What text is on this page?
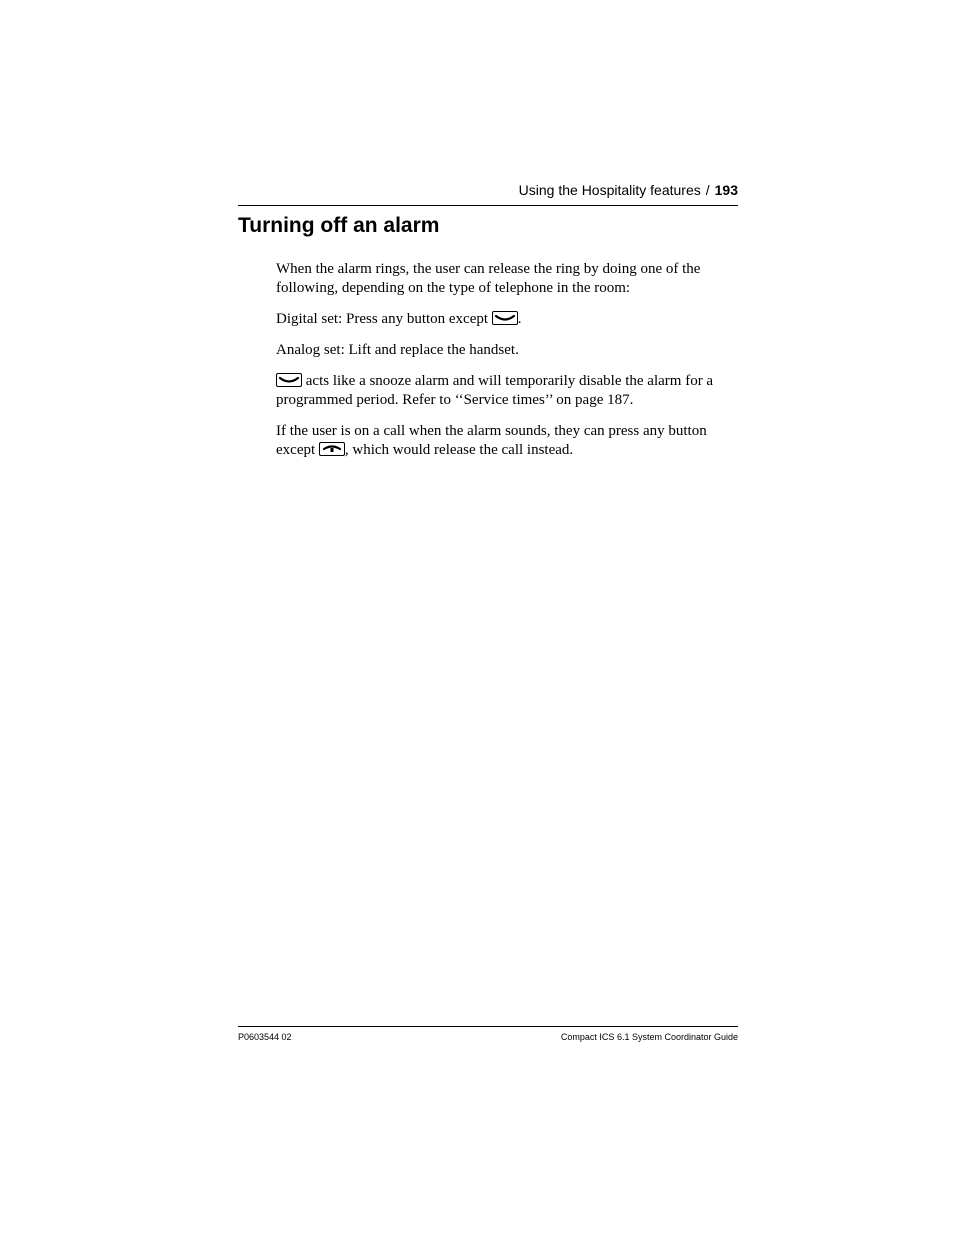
Using the Hospitality features / 193
Turning off an alarm

When the alarm rings, the user can release the ring by doing one of the following, depending on the type of telephone in the room:

Digital set: Press any button except .

Analog set: Lift and replace the handset.

acts like a snooze alarm and will temporarily disable the alarm for a programmed period. Refer to ‘‘Service times’’ on page 187.

If the user is on a call when the alarm sounds, they can press any button except , which would release the call instead.

P0603544 02	Compact ICS 6.1 System Coordinator Guide
